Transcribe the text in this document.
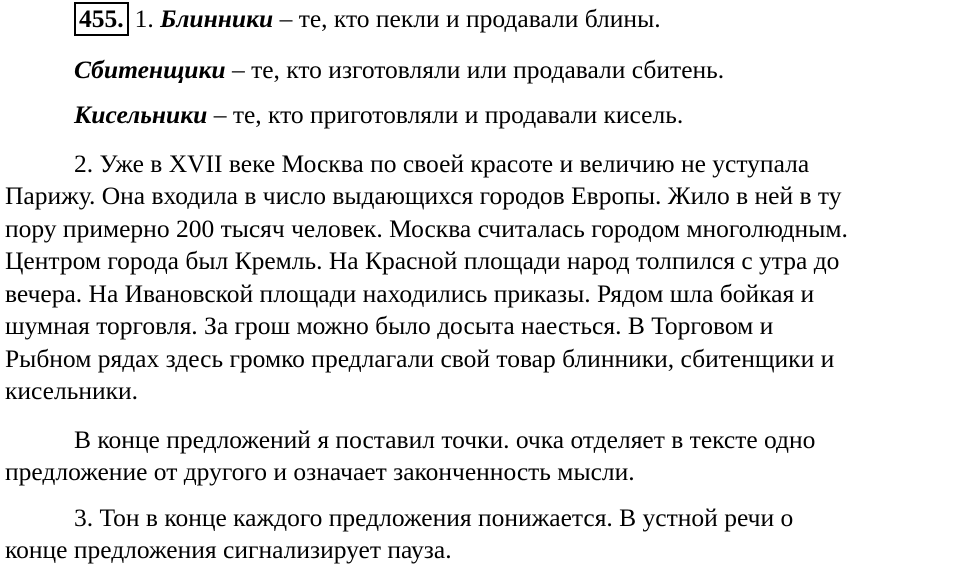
455. 1. Блинники – те, кто пекли и продавали блины.
Сбитенщики – те, кто изготовляли или продавали сбитень.
Кисельники – те, кто приготовляли и продавали кисель.
2. Уже в XVII веке Москва по своей красоте и величию не уступала
Парижу. Она входила в число выдающихся городов Европы. Жило в ней в ту
пору примерно 200 тысяч человек. Москва считалась городом многолюдным.
Центром города был Кремль. На Красной площади народ толпился с утра до
вечера. На Ивановской площади находились приказы. Рядом шла бойкая и
шумная торговля. За грош можно было досыта наесться. В Торговом и
Рыбном рядах здесь громко предлагали свой товар блинники, сбитенщики и
кисельники.
В конце предложений я поставил точки. очка отделяет в тексте одно
предложение от другого и означает законченность мысли.
3. Тон в конце каждого предложения понижается. В устной речи о
конце предложения сигнализирует пауза.
